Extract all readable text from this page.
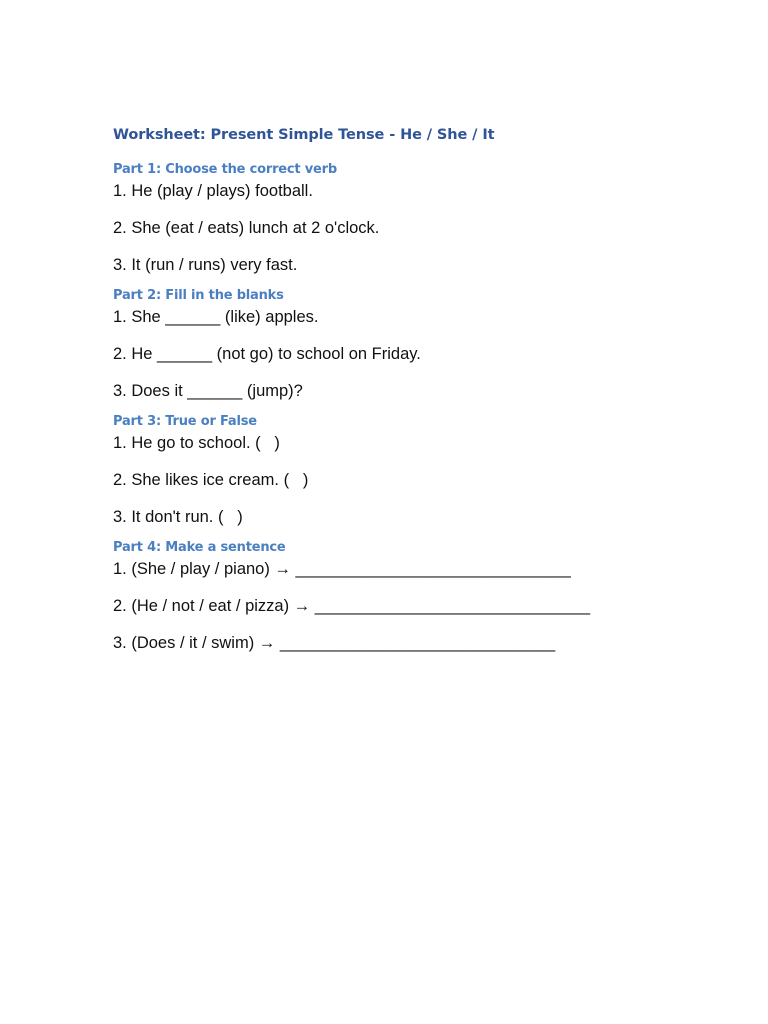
Worksheet: Present Simple Tense - He / She / It
Part 1: Choose the correct verb

1. He (play / plays) football.

2. She (eat / eats) lunch at 2 o'clock.

3. It (run / runs) very fast.

Part 2: Fill in the blanks

1. She ______ (like) apples.

2. He ______ (not go) to school on Friday.

3. Does it ______ (jump)?

Part 3: True or False

1. He go to school. (   )

2. She likes ice cream. (   )

3. It don't run. (   )

Part 4: Make a sentence

1. (She / play / piano) → ______________________________

2. (He / not / eat / pizza) → ______________________________

3. (Does / it / swim) → ______________________________
